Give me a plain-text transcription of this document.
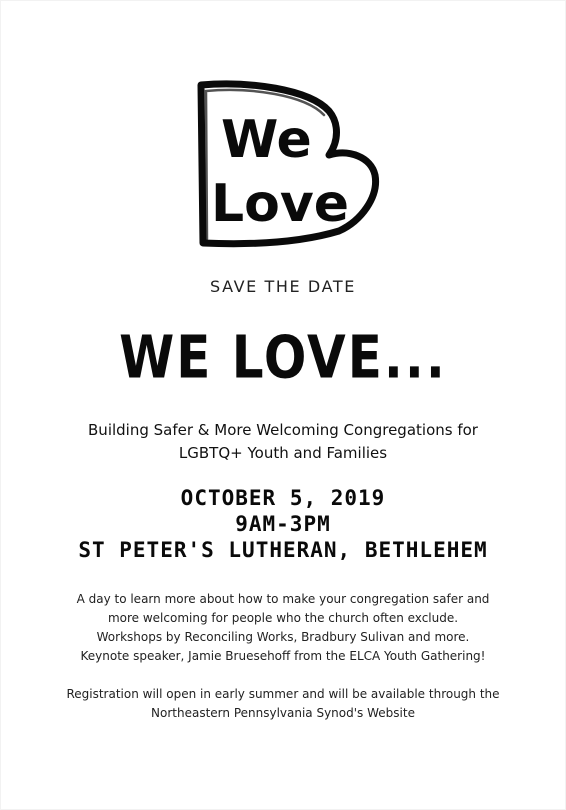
We
Love
SAVE THE DATE
WE LOVE...
Building Safer & More Welcoming Congregations for
LGBTQ+ Youth and Families
OCTOBER 5, 2019
9AM-3PM
ST PETER'S LUTHERAN, BETHLEHEM
A day to learn more about how to make your congregation safer and
more welcoming for people who the church often exclude.
Workshops by Reconciling Works, Bradbury Sulivan and more.
Keynote speaker, Jamie Bruesehoff from the ELCA Youth Gathering!
Registration will open in early summer and will be available through the
Northeastern Pennsylvania Synod's Website
